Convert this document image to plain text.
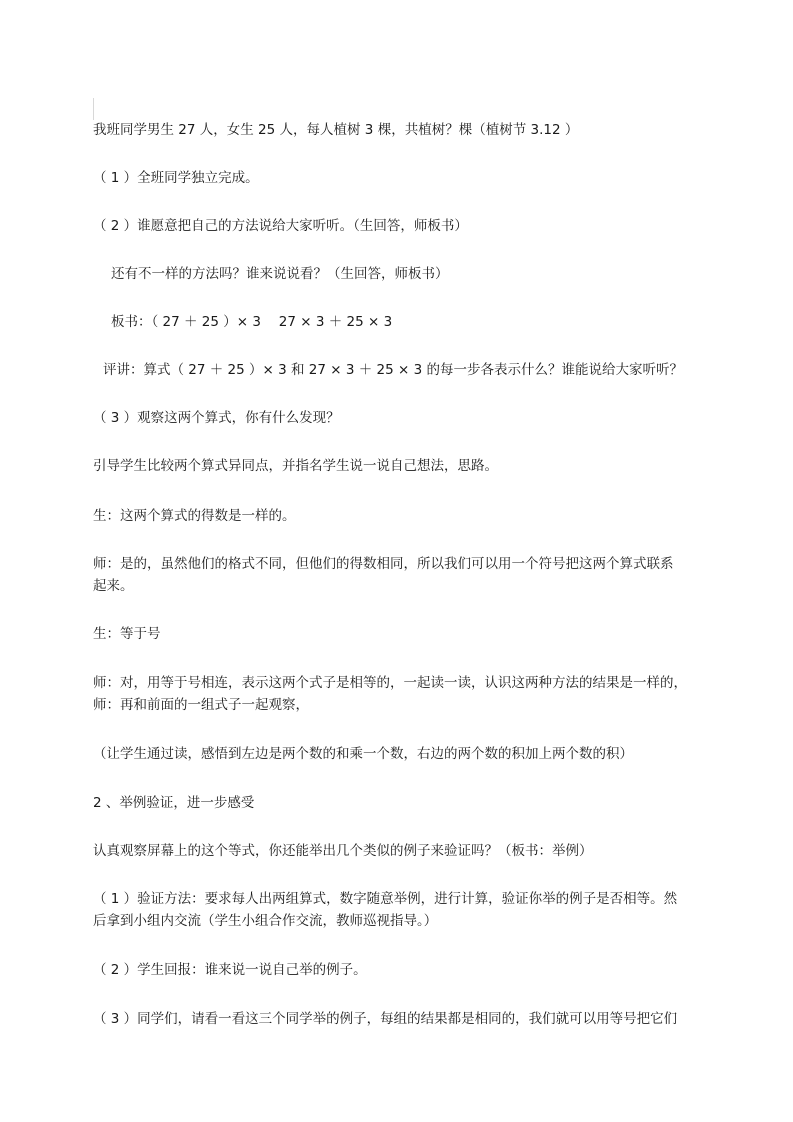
我班同学男生 27 人，女生 25 人，每人植树 3 棵，共植树？棵（植树节 3.12 ）
（ 1 ）全班同学独立完成。
（ 2 ）谁愿意把自己的方法说给大家听听。（生回答，师板书）
还有不一样的方法吗？谁来说说看？（生回答，师板书）
板书：（ 27 ＋ 25 ）× 3　 27 × 3 ＋ 25 × 3
评讲：算式（ 27 ＋ 25 ）× 3 和 27 × 3 ＋ 25 × 3 的每一步各表示什么？谁能说给大家听听？
（ 3 ）观察这两个算式，你有什么发现？
引导学生比较两个算式异同点，并指名学生说一说自己想法，思路。
生：这两个算式的得数是一样的。
师：是的，虽然他们的格式不同，但他们的得数相同，所以我们可以用一个符号把这两个算式联系
起来。
生：等于号
师：对，用等于号相连，表示这两个式子是相等的，一起读一读，认识这两种方法的结果是一样的，
师：再和前面的一组式子一起观察，
（让学生通过读，感悟到左边是两个数的和乘一个数，右边的两个数的积加上两个数的积）
2 、举例验证，进一步感受
认真观察屏幕上的这个等式，你还能举出几个类似的例子来验证吗？（板书：举例）
（ 1 ）验证方法：要求每人出两组算式，数字随意举例，进行计算，验证你举的例子是否相等。然
后拿到小组内交流（学生小组合作交流，教师巡视指导。）
（ 2 ）学生回报：谁来说一说自己举的例子。
（ 3 ）同学们，请看一看这三个同学举的例子，每组的结果都是相同的，我们就可以用等号把它们
